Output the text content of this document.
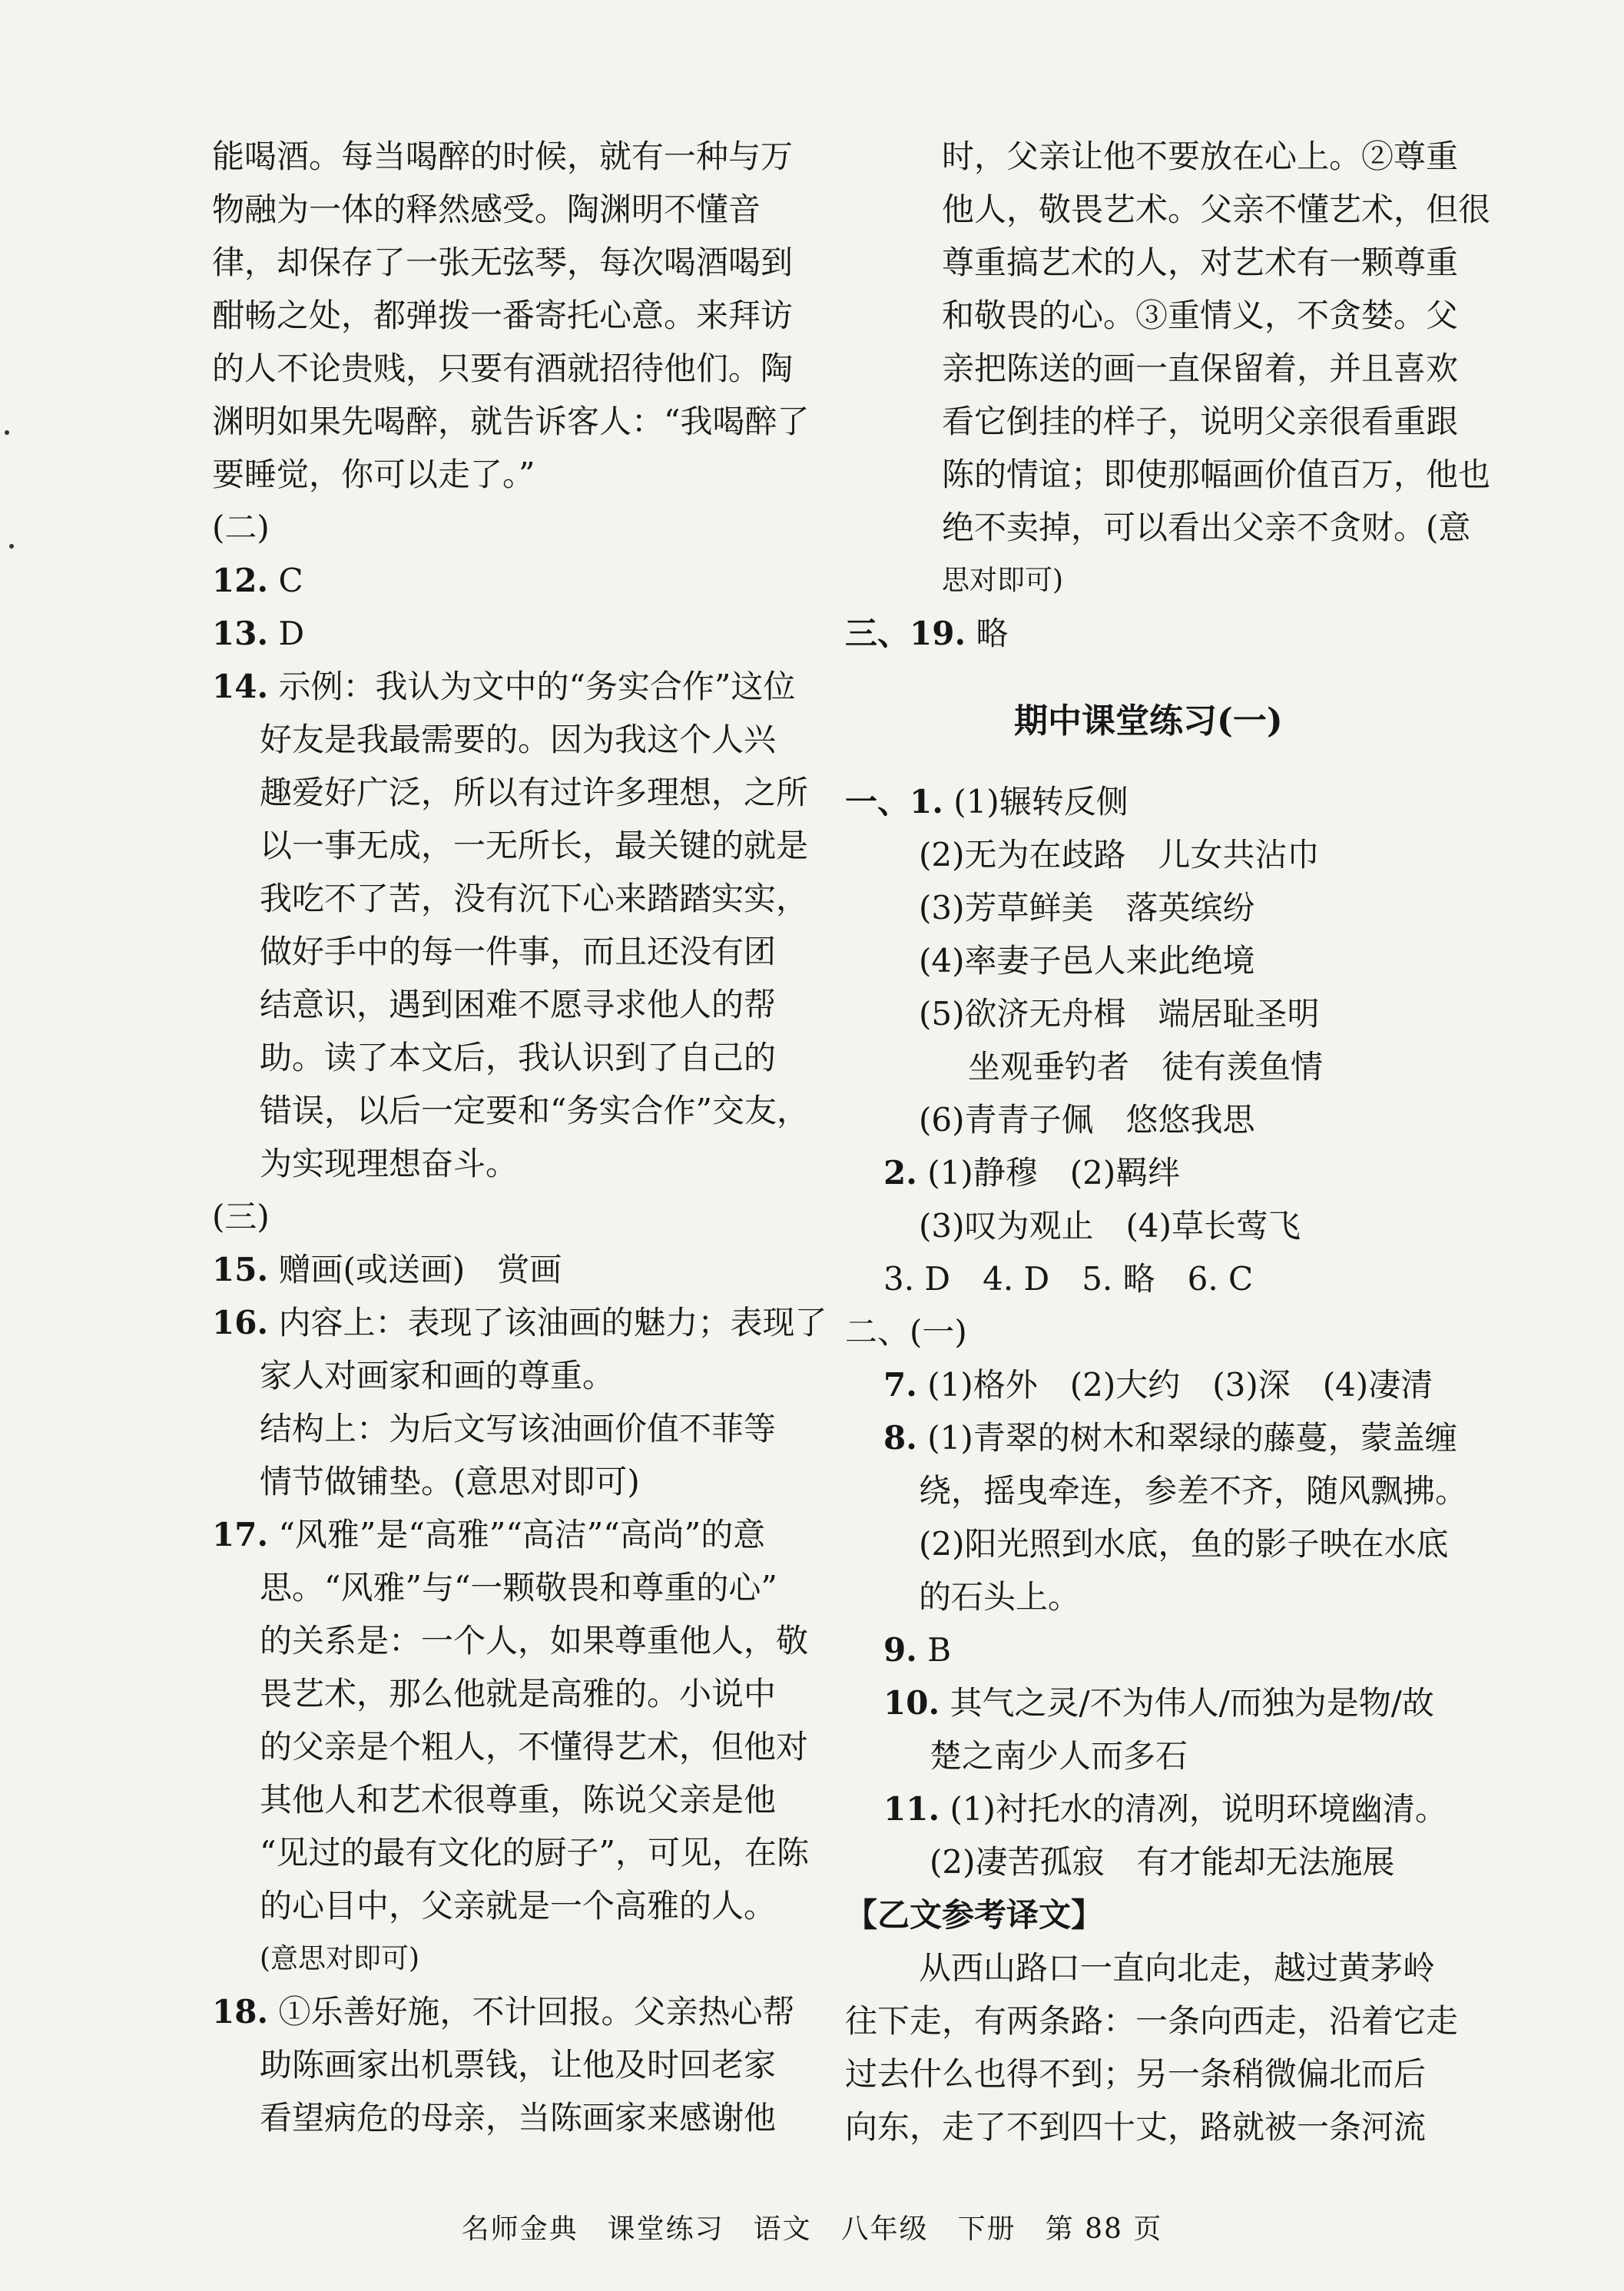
能喝酒。每当喝醉的时候，就有一种与万
物融为一体的释然感受。陶渊明不懂音
律，却保存了一张无弦琴，每次喝酒喝到
酣畅之处，都弹拨一番寄托心意。来拜访
的人不论贵贱，只要有酒就招待他们。陶
渊明如果先喝醉，就告诉客人：“我喝醉了
要睡觉，你可以走了。”
(二)
12. C
13. D
14. 示例：我认为文中的“务实合作”这位
好友是我最需要的。因为我这个人兴
趣爱好广泛，所以有过许多理想，之所
以一事无成，一无所长，最关键的就是
我吃不了苦，没有沉下心来踏踏实实，
做好手中的每一件事，而且还没有团
结意识，遇到困难不愿寻求他人的帮
助。读了本文后，我认识到了自己的
错误，以后一定要和“务实合作”交友，
为实现理想奋斗。
(三)
15. 赠画(或送画)　赏画
16. 内容上：表现了该油画的魅力；表现了
家人对画家和画的尊重。
结构上：为后文写该油画价值不菲等
情节做铺垫。(意思对即可)
17. “风雅”是“高雅”“高洁”“高尚”的意
思。“风雅”与“一颗敬畏和尊重的心”
的关系是：一个人，如果尊重他人，敬
畏艺术，那么他就是高雅的。小说中
的父亲是个粗人，不懂得艺术，但他对
其他人和艺术很尊重，陈说父亲是他
“见过的最有文化的厨子”，可见，在陈
的心目中，父亲就是一个高雅的人。
(意思对即可)
18. ①乐善好施，不计回报。父亲热心帮
助陈画家出机票钱，让他及时回老家
看望病危的母亲，当陈画家来感谢他
时，父亲让他不要放在心上。②尊重
他人，敬畏艺术。父亲不懂艺术，但很
尊重搞艺术的人，对艺术有一颗尊重
和敬畏的心。③重情义，不贪婪。父
亲把陈送的画一直保留着，并且喜欢
看它倒挂的样子，说明父亲很看重跟
陈的情谊；即使那幅画价值百万，他也
绝不卖掉，可以看出父亲不贪财。(意
思对即可)
三、19. 略
期中课堂练习(一)
一、1. (1)辗转反侧
(2)无为在歧路　儿女共沾巾
(3)芳草鲜美　落英缤纷
(4)率妻子邑人来此绝境
(5)欲济无舟楫　端居耻圣明
坐观垂钓者　徒有羡鱼情
(6)青青子佩　悠悠我思
2. (1)静穆　(2)羁绊
(3)叹为观止　(4)草长莺飞
3. D　4. D　5. 略　6. C
二、(一)
7. (1)格外　(2)大约　(3)深　(4)凄清
8. (1)青翠的树木和翠绿的藤蔓，蒙盖缠
绕，摇曳牵连，参差不齐，随风飘拂。
(2)阳光照到水底，鱼的影子映在水底
的石头上。
9. B
10. 其气之灵/不为伟人/而独为是物/故
楚之南少人而多石
11. (1)衬托水的清冽，说明环境幽清。
(2)凄苦孤寂　有才能却无法施展
【乙文参考译文】
从西山路口一直向北走，越过黄茅岭
往下走，有两条路：一条向西走，沿着它走
过去什么也得不到；另一条稍微偏北而后
向东，走了不到四十丈，路就被一条河流
名师金典　课堂练习　语文　八年级　下册　第 88 页
